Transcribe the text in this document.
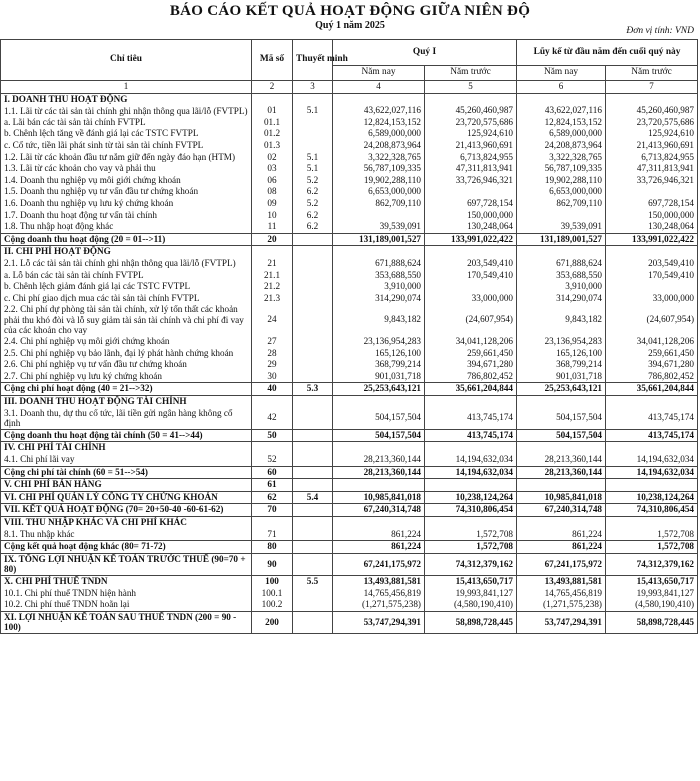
BÁO CÁO KẾT QUẢ HOẠT ĐỘNG GIỮA NIÊN ĐỘ
Quý 1 năm 2025	Đơn vị tính: VND
Chỉ tiêu	Mã số	Thuyết minh	Quý I		Lũy kế từ đầu năm đến cuối quý này	
			Năm nay	Năm trước	Năm nay	Năm trước
1	2	3	4	5	6	7
I. DOANH THU HOẠT ĐỘNG						
1.1. Lãi từ các tài sản tài chính ghi nhận thông qua lãi/lỗ (FVTPL)	01	5.1	43,622,027,116	45,260,460,987	43,622,027,116	45,260,460,987
a. Lãi bán các tài sản tài chính FVTPL	01.1		12,824,153,152	23,720,575,686	12,824,153,152	23,720,575,686
b. Chênh lệch tăng về đánh giá lại các TSTC FVTPL	01.2		6,589,000,000	125,924,610	6,589,000,000	125,924,610
c. Cổ tức, tiền lãi phát sinh từ tài sản tài chính FVTPL	01.3		24,208,873,964	21,413,960,691	24,208,873,964	21,413,960,691
1.2. Lãi từ các khoản đầu tư nắm giữ đến ngày đáo hạn (HTM)	02	5.1	3,322,328,765	6,713,824,955	3,322,328,765	6,713,824,955
1.3. Lãi từ các khoản cho vay và phải thu	03	5.1	56,787,109,335	47,311,813,941	56,787,109,335	47,311,813,941
1.4. Doanh thu nghiệp vụ môi giới chứng khoán	06	5.2	19,902,288,110	33,726,946,321	19,902,288,110	33,726,946,321
1.5. Doanh thu nghiệp vụ tư vấn đầu tư chứng khoán	08	6.2	6,653,000,000		6,653,000,000	
1.6. Doanh thu nghiệp vụ lưu ký chứng khoán	09	5.2	862,709,110	697,728,154	862,709,110	697,728,154
1.7. Doanh thu hoạt động tư vấn tài chính	10	6.2		150,000,000		150,000,000
1.8. Thu nhập hoạt động khác	11	6.2	39,539,091	130,248,064	39,539,091	130,248,064
Cộng doanh thu hoạt động (20 = 01-->11)	20		131,189,001,527	133,991,022,422	131,189,001,527	133,991,022,422
II. CHI PHÍ HOẠT ĐỘNG						
2.1. Lỗ các tài sản tài chính ghi nhận thông qua lãi/lỗ (FVTPL)	21		671,888,624	203,549,410	671,888,624	203,549,410
a. Lỗ bán các tài sản tài chính FVTPL	21.1		353,688,550	170,549,410	353,688,550	170,549,410
b. Chênh lệch giảm đánh giá lại các TSTC FVTPL	21.2		3,910,000		3,910,000	
c. Chi phí giao dịch mua các tài sản tài chính FVTPL	21.3		314,290,074	33,000,000	314,290,074	33,000,000
2.2. Chi phí dự phòng tài sản tài chính, xử lý tổn thất các khoản phải thu khó đòi và lỗ suy giảm tài sản tài chính và chi phí đi vay của các khoản cho vay	24		9,843,182	(24,607,954)	9,843,182	(24,607,954)
2.4. Chi phí nghiệp vụ môi giới chứng khoán	27		23,136,954,283	34,041,128,206	23,136,954,283	34,041,128,206
2.5. Chi phí nghiệp vụ bảo lãnh, đại lý phát hành chứng khoán	28		165,126,100	259,661,450	165,126,100	259,661,450
2.6. Chi phí nghiệp vụ tư vấn đầu tư chứng khoán	29		368,799,214	394,671,280	368,799,214	394,671,280
2.7. Chi phí nghiệp vụ lưu ký chứng khoán	30		901,031,718	786,802,452	901,031,718	786,802,452
Cộng chi phí hoạt động (40 = 21-->32)	40	5.3	25,253,643,121	35,661,204,844	25,253,643,121	35,661,204,844
III. DOANH THU HOẠT ĐỘNG TÀI CHÍNH						
3.1. Doanh thu, dự thu cổ tức, lãi tiền gửi ngân hàng không cố định	42		504,157,504	413,745,174	504,157,504	413,745,174
Cộng doanh thu hoạt động tài chính (50 = 41-->44)	50		504,157,504	413,745,174	504,157,504	413,745,174
IV. CHI PHÍ TÀI CHÍNH						
4.1. Chi phí lãi vay	52		28,213,360,144	14,194,632,034	28,213,360,144	14,194,632,034
Cộng chi phí tài chính (60 = 51-->54)	60		28,213,360,144	14,194,632,034	28,213,360,144	14,194,632,034
V. CHI PHÍ BÁN HÀNG	61					
VI. CHI PHÍ QUẢN LÝ CÔNG TY CHỨNG KHOÁN	62	5.4	10,985,841,018	10,238,124,264	10,985,841,018	10,238,124,264
VII. KẾT QUẢ HOẠT ĐỘNG (70= 20+50-40 -60-61-62)	70		67,240,314,748	74,310,806,454	67,240,314,748	74,310,806,454
VIII. THU NHẬP KHÁC VÀ CHI PHÍ KHÁC						
8.1. Thu nhập khác	71		861,224	1,572,708	861,224	1,572,708
Cộng kết quả hoạt động khác (80= 71-72)	80		861,224	1,572,708	861,224	1,572,708
IX. TỔNG LỢI NHUẬN KẾ TOÁN TRƯỚC THUẾ (90=70 + 80)	90		67,241,175,972	74,312,379,162	67,241,175,972	74,312,379,162
X. CHI PHÍ THUẾ TNDN	100	5.5	13,493,881,581	15,413,650,717	13,493,881,581	15,413,650,717
10.1. Chi phí thuế TNDN hiện hành	100.1		14,765,456,819	19,993,841,127	14,765,456,819	19,993,841,127
10.2. Chi phí thuế TNDN hoãn lại	100.2		(1,271,575,238)	(4,580,190,410)	(1,271,575,238)	(4,580,190,410)
XI. LỢI NHUẬN KẾ TOÁN SAU THUẾ TNDN (200 = 90 - 100)	200		53,747,294,391	58,898,728,445	53,747,294,391	58,898,728,445
